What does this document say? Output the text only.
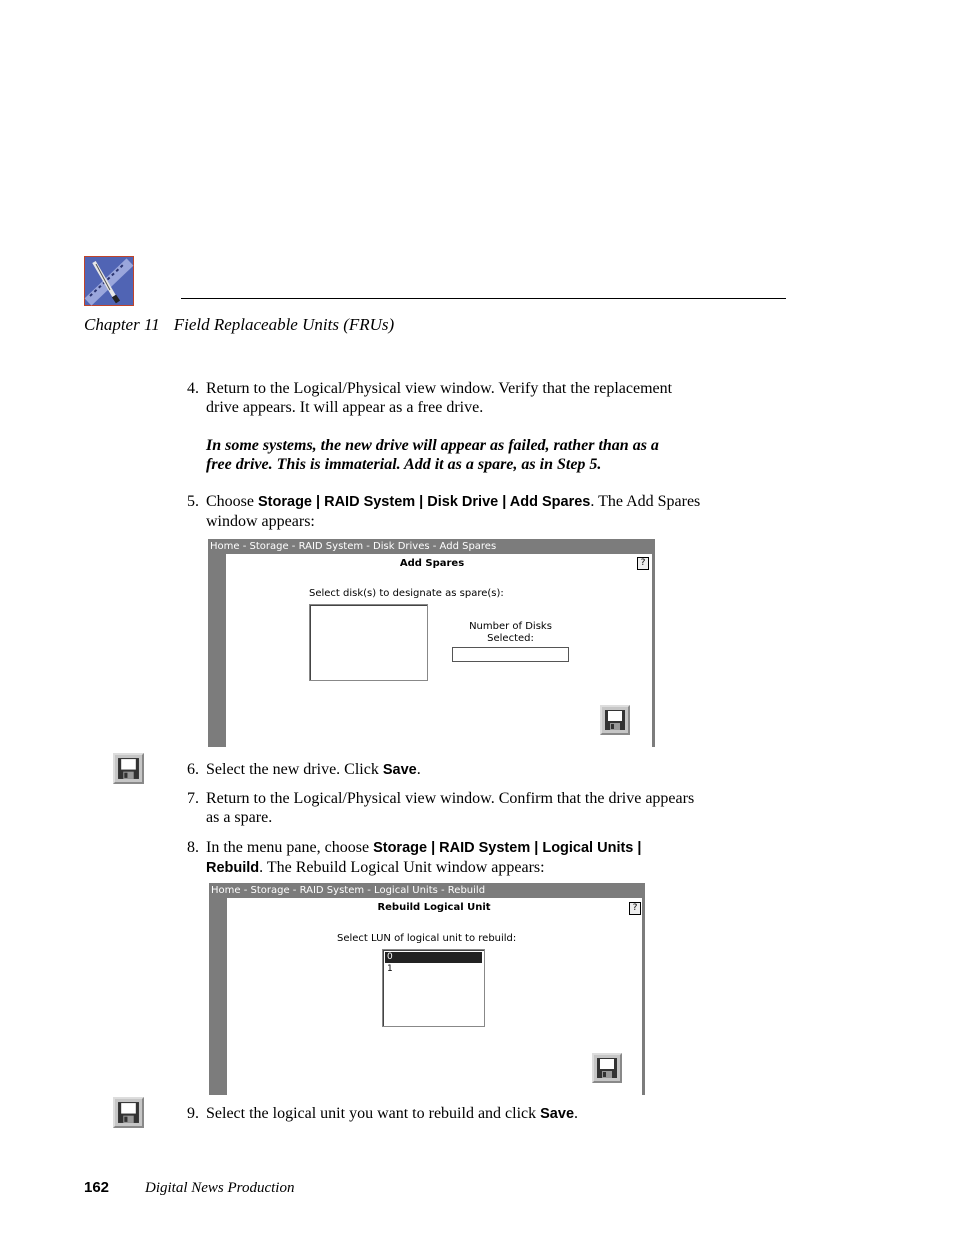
Chapter 11 Field Replaceable Units (FRUs)
4. Return to the Logical/Physical view window. Verify that the replacement
drive appears. It will appear as a free drive.
In some systems, the new drive will appear as failed, rather than as a
free drive. This is immaterial. Add it as a spare, as in Step 5.
5. Choose Storage | RAID System | Disk Drive | Add Spares. The Add Spares
window appears:
Home - Storage - RAID System - Disk Drives - Add Spares
Add Spares	?
Select disk(s) to designate as spare(s):
Number of Disks
Selected:
6. Select the new drive. Click Save.
7. Return to the Logical/Physical view window. Confirm that the drive appears
as a spare.
8. In the menu pane, choose Storage | RAID System | Logical Units |
Rebuild. The Rebuild Logical Unit window appears:
Home - Storage - RAID System - Logical Units - Rebuild
Rebuild Logical Unit	?
Select LUN of logical unit to rebuild:
0
1
9. Select the logical unit you want to rebuild and click Save.
162 Digital News Production
